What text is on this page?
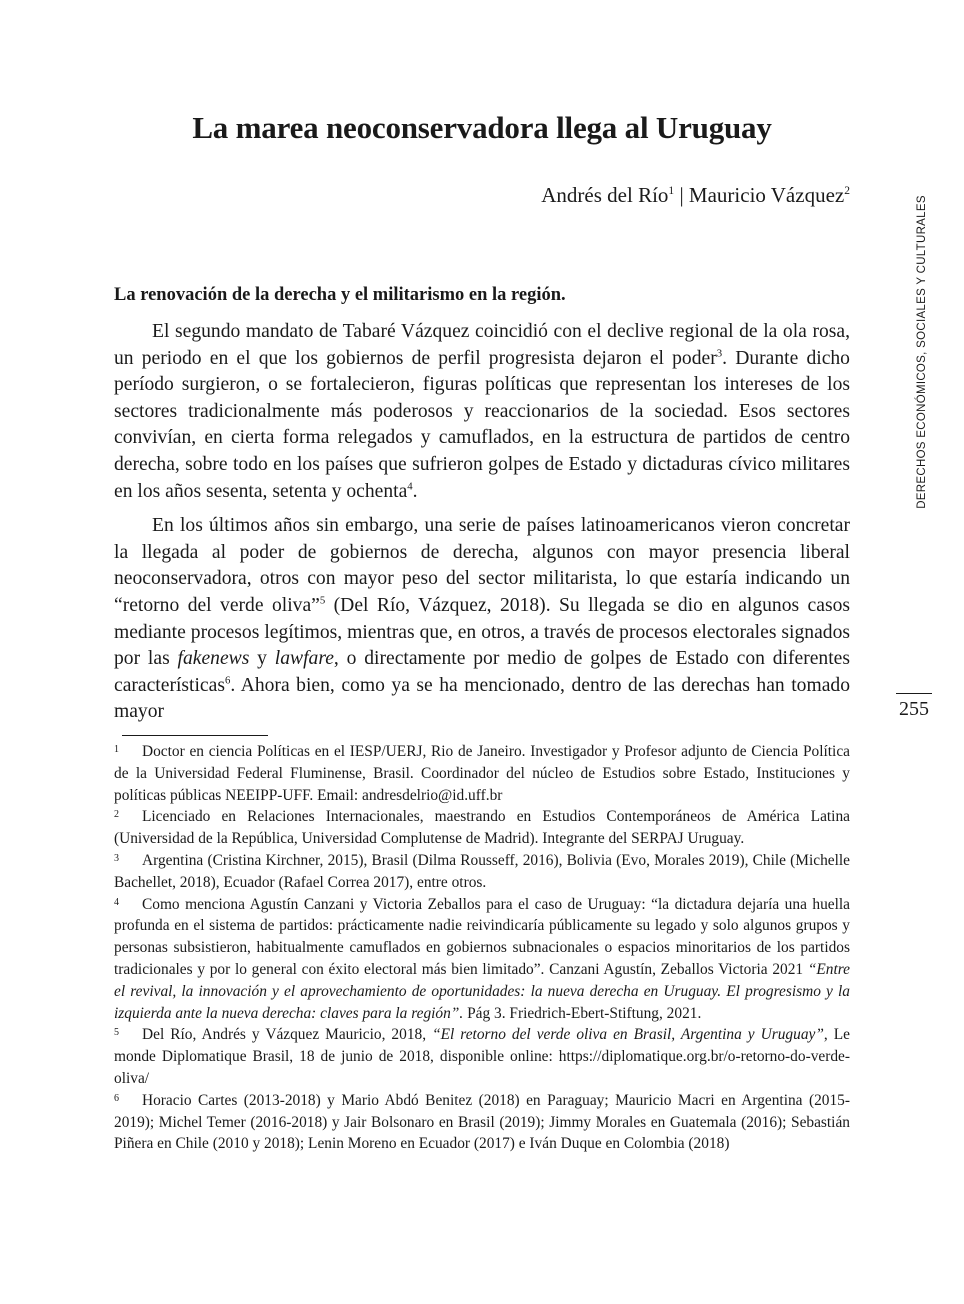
La marea neoconservadora llega al Uruguay
Andrés del Río$^1$ | Mauricio Vázquez$^2$
DERECHOS ECONÓMICOS, SOCIALES Y CULTURALES
255
La renovación de la derecha y el militarismo en la región.

El segundo mandato de Tabaré Vázquez coincidió con el declive regional de la ola rosa, un periodo en el que los gobiernos de perfil progresista dejaron el poder$^3$. Durante dicho período surgieron, o se fortalecieron, figuras políticas que representan los intereses de los sectores tradicionalmente más poderosos y reaccionarios de la sociedad. Esos sectores convivían, en cierta forma relegados y camuflados, en la estructura de partidos de centro derecha, sobre todo en los países que sufrieron golpes de Estado y dictaduras cívico militares en los años sesenta, setenta y ochenta$^4$.

En los últimos años sin embargo, una serie de países latinoamericanos vieron concretar la llegada al poder de gobiernos de derecha, algunos con mayor presencia liberal neoconservadora, otros con mayor peso del sector militarista, lo que estaría indicando un “retorno del verde oliva”$^5$ (Del Río, Vázquez, 2018). Su llegada se dio en algunos casos mediante procesos legítimos, mientras que, en otros, a través de procesos electorales signados por las fakenews y lawfare, o directamente por medio de golpes de Estado con diferentes características$^6$. Ahora bien, como ya se ha mencionado, dentro de las derechas han tomado mayor

1 Doctor en ciencia Políticas en el IESP/UERJ, Rio de Janeiro. Investigador y Profesor adjunto de Ciencia Política de la Universidad Federal Fluminense, Brasil. Coordinador del núcleo de Estudios sobre Estado, Instituciones y políticas públicas NEEIPP-UFF. Email: andresdelrio@id.uff.br

2 Licenciado en Relaciones Internacionales, maestrando en Estudios Contemporáneos de América Latina (Universidad de la República, Universidad Complutense de Madrid). Integrante del SERPAJ Uruguay.

3 Argentina (Cristina Kirchner, 2015), Brasil (Dilma Rousseff, 2016), Bolivia (Evo, Morales 2019), Chile (Michelle Bachellet, 2018), Ecuador (Rafael Correa 2017), entre otros.

4 Como menciona Agustín Canzani y Victoria Zeballos para el caso de Uruguay: “la dictadura dejaría una huella profunda en el sistema de partidos: prácticamente nadie reivindicaría públicamente su legado y solo algunos grupos y personas subsistieron, habitualmente camuflados en gobiernos subnacionales o espacios minoritarios de los partidos tradicionales y por lo general con éxito electoral más bien limitado”. Canzani Agustín, Zeballos Victoria 2021 “Entre el revival, la innovación y el aprovechamiento de oportunidades: la nueva derecha en Uruguay. El progresismo y la izquierda ante la nueva derecha: claves para la región”. Pág 3. Friedrich-Ebert-Stiftung, 2021.

5 Del Río, Andrés y Vázquez Mauricio, 2018, “El retorno del verde oliva en Brasil, Argentina y Uruguay”, Le monde Diplomatique Brasil, 18 de junio de 2018, disponible online: https://diplomatique.org.br/o-retorno-do-verde-oliva/

6 Horacio Cartes (2013-2018) y Mario Abdó Benitez (2018) en Paraguay; Mauricio Macri en Argentina (2015- 2019); Michel Temer (2016-2018) y Jair Bolsonaro en Brasil (2019); Jimmy Morales en Guatemala (2016); Sebastián Piñera en Chile (2010 y 2018); Lenin Moreno en Ecuador (2017) e Iván Duque en Colombia (2018)
